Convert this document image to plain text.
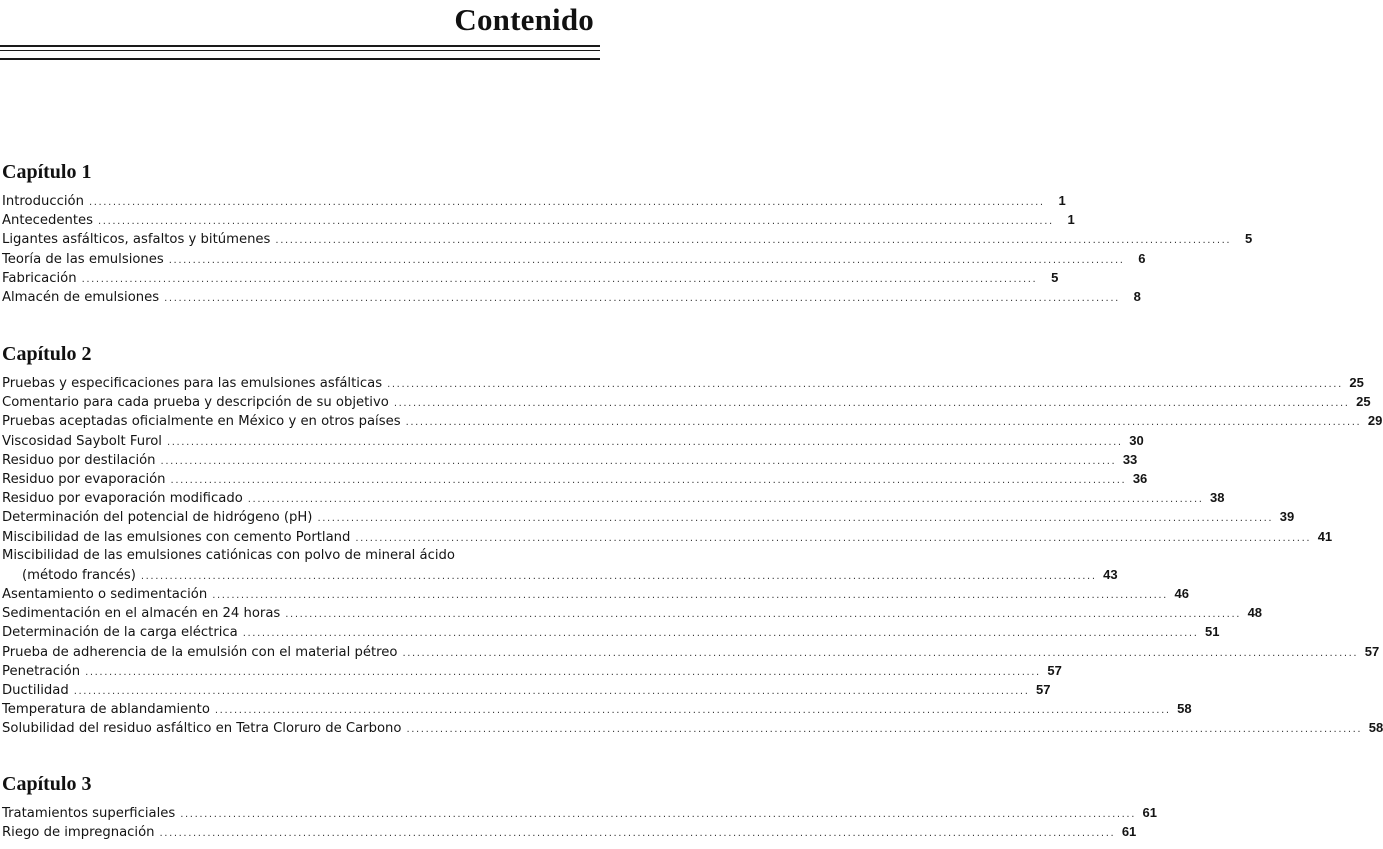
Contenido
Capítulo 1
Introducción .....	1
Antecedentes .....	1
Ligantes asfálticos, asfaltos y bitúmenes .....	5
Teoría de las emulsiones .....	6
Fabricación .....	5
Almacén de emulsiones .....	8
Capítulo 2
Pruebas y especificaciones para las emulsiones asfálticas .....	25
Comentario para cada prueba y descripción de su objetivo .....	25
Pruebas aceptadas oficialmente en México y en otros países .....	29
Viscosidad Saybolt Furol .....	30
Residuo por destilación .....	33
Residuo por evaporación .....	36
Residuo por evaporación modificado .....	38
Determinación del potencial de hidrógeno (pH) .....	39
Miscibilidad de las emulsiones con cemento Portland .....	41
Miscibilidad de las emulsiones catiónicas con polvo de mineral ácido
(método francés) .....	43
Asentamiento o sedimentación .....	46
Sedimentación en el almacén en 24 horas .....	48
Determinación de la carga eléctrica .....	51
Prueba de adherencia de la emulsión con el material pétreo .....	57
Penetración .....	57
Ductilidad .....	57
Temperatura de ablandamiento .....	58
Solubilidad del residuo asfáltico en Tetra Cloruro de Carbono .....	58
Capítulo 3
Tratamientos superficiales .....	61
Riego de impregnación .....	61
